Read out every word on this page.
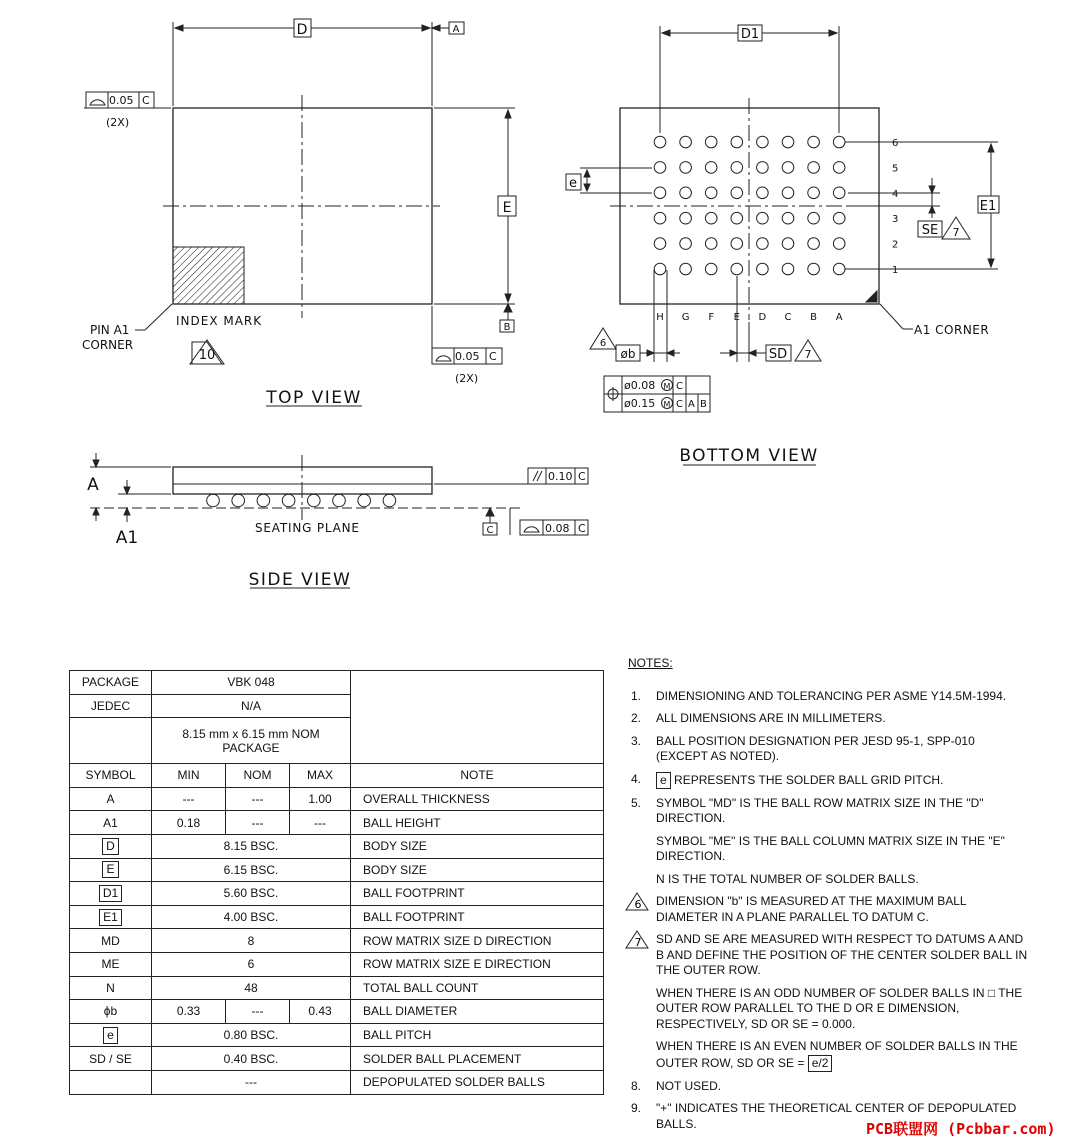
D	A
E
B
0.05 C
(2X)
0.05 C
(2X)
PIN A1
CORNER
INDEX MARK
10
TOP VIEW
6
5
4
3
2
1
H G F E D C B A
D1
E1
e
SE 7
øb
6
SD 7
A1 CORNER
ø0.08 M C
ø0.15 M C A B
BOTTOM VIEW
A
A1
0.10 C
C	0.08 C
SEATING PLANE
SIDE VIEW
PACKAGE	VBK 048			
JEDEC	N/A			

	8.15 mm x 6.15 mm NOM
PACKAGE			

SYMBOL	MIN	NOM	MAX	NOTE
A	---	---	1.00	OVERALL THICKNESS
A1	0.18	---	---	BALL HEIGHT
D	8.15 BSC.			BODY SIZE
E	6.15 BSC.			BODY SIZE
D1	5.60 BSC.			BALL FOOTPRINT
E1	4.00 BSC.			BALL FOOTPRINT
MD	8			ROW MATRIX SIZE D DIRECTION
ME	6			ROW MATRIX SIZE E DIRECTION
N	48			TOTAL BALL COUNT
ϕb	0.33	---	0.43	BALL DIAMETER
e	0.80 BSC.			BALL PITCH
SD / SE	0.40 BSC.			SOLDER BALL PLACEMENT
	---			DEPOPULATED SOLDER BALLS
NOTES:
1. DIMENSIONING AND TOLERANCING PER ASME Y14.5M-1994.
2. ALL DIMENSIONS ARE IN MILLIMETERS.
3. BALL POSITION DESIGNATION PER JESD 95-1, SPP-010 (EXCEPT AS NOTED).
4. e REPRESENTS THE SOLDER BALL GRID PITCH.
5. SYMBOL "MD" IS THE BALL ROW MATRIX SIZE IN THE "D" DIRECTION.
SYMBOL "ME" IS THE BALL COLUMN MATRIX SIZE IN THE "E" DIRECTION.
N IS THE TOTAL NUMBER OF SOLDER BALLS.
6 DIMENSION "b" IS MEASURED AT THE MAXIMUM BALL DIAMETER IN A PLANE PARALLEL TO DATUM C.
7 SD AND SE ARE MEASURED WITH RESPECT TO DATUMS A AND B AND DEFINE THE POSITION OF THE CENTER SOLDER BALL IN THE OUTER ROW.
WHEN THERE IS AN ODD NUMBER OF SOLDER BALLS IN □ THE OUTER ROW PARALLEL TO THE D OR E DIMENSION, RESPECTIVELY, SD OR SE = 0.000.
WHEN THERE IS AN EVEN NUMBER OF SOLDER BALLS IN THE OUTER ROW, SD OR SE = e/2
8. NOT USED.
9. "+" INDICATES THE THEORETICAL CENTER OF DEPOPULATED BALLS.	PCB联盟网 (Pcbbar.com)
